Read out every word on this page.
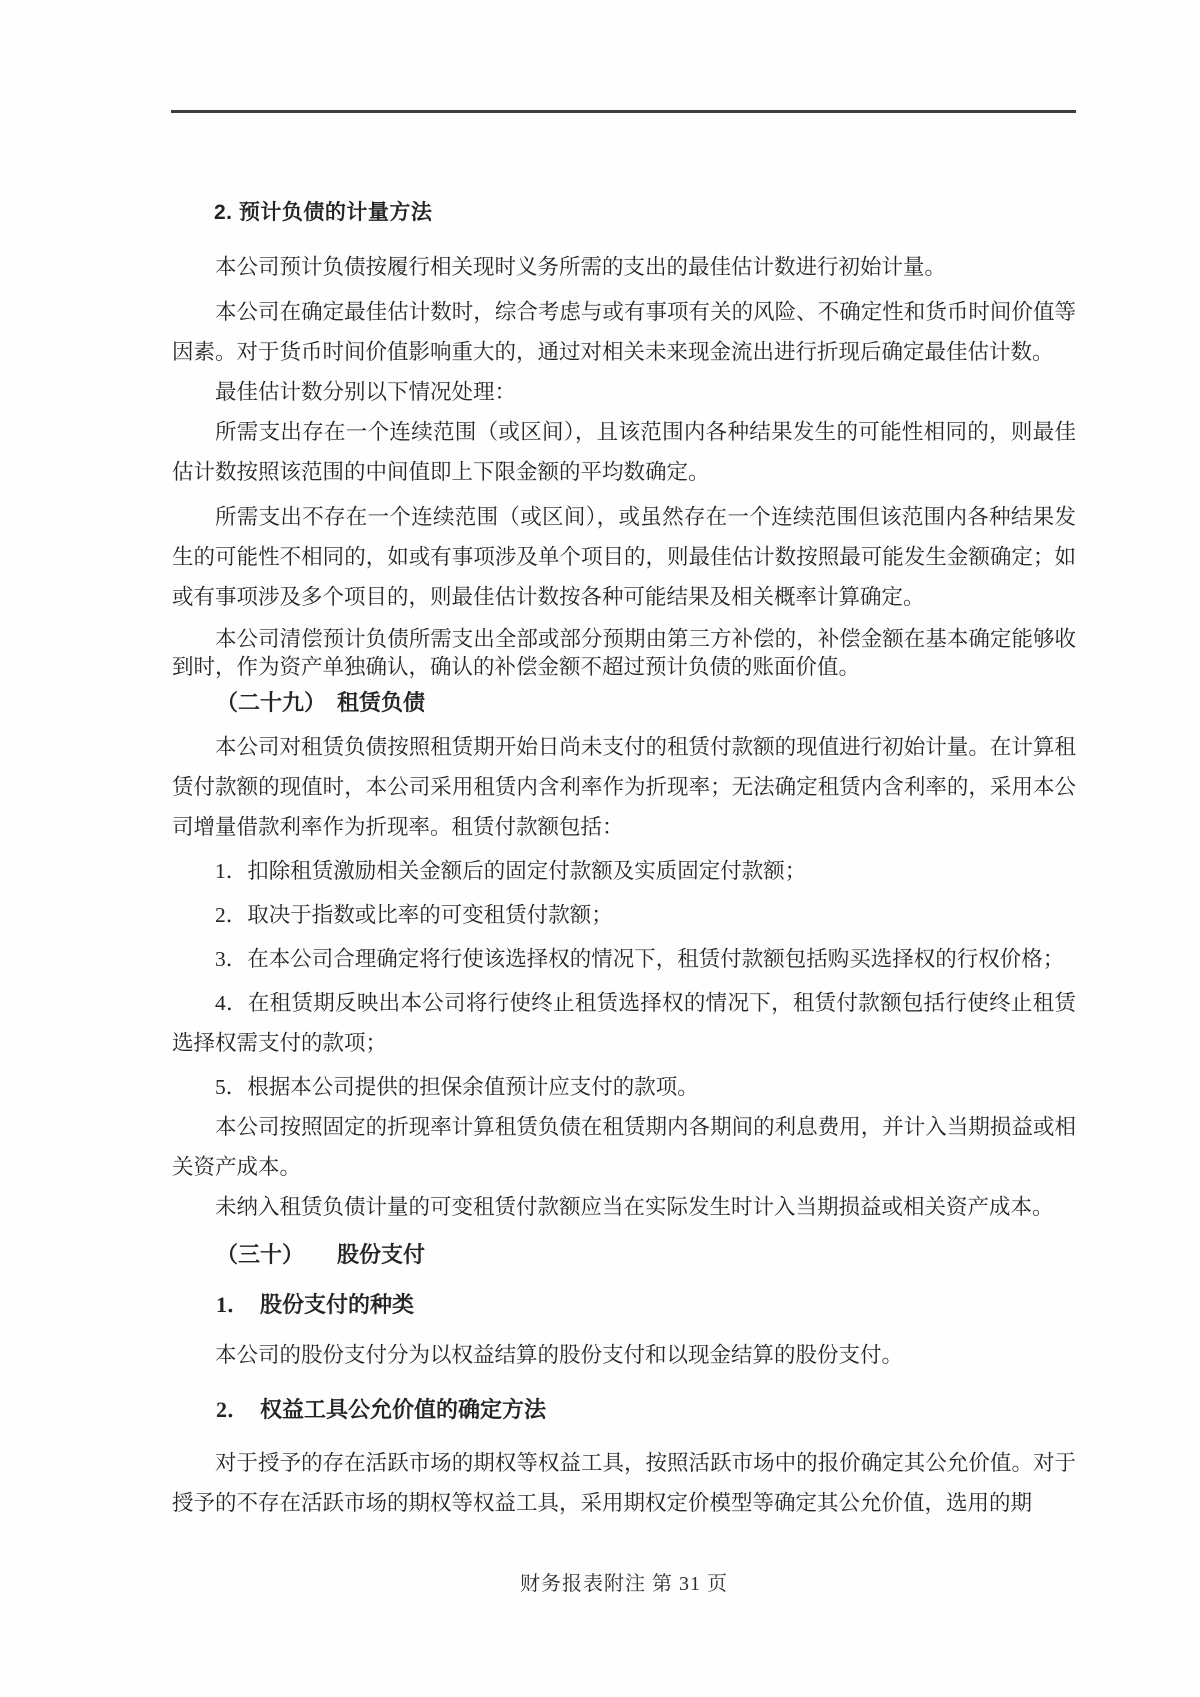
2. 预计负债的计量方法

本公司预计负债按履行相关现时义务所需的支出的最佳估计数进行初始计量。

本公司在确定最佳估计数时，综合考虑与或有事项有关的风险、不确定性和货币时间价值等因素。对于货币时间价值影响重大的，通过对相关未来现金流出进行折现后确定最佳估计数。

最佳估计数分别以下情况处理：

所需支出存在一个连续范围（或区间），且该范围内各种结果发生的可能性相同的，则最佳估计数按照该范围的中间值即上下限金额的平均数确定。

所需支出不存在一个连续范围（或区间），或虽然存在一个连续范围但该范围内各种结果发生的可能性不相同的，如或有事项涉及单个项目的，则最佳估计数按照最可能发生金额确定；如或有事项涉及多个项目的，则最佳估计数按各种可能结果及相关概率计算确定。

本公司清偿预计负债所需支出全部或部分预期由第三方补偿的，补偿金额在基本确定能够收到时，作为资产单独确认，确认的补偿金额不超过预计负债的账面价值。

（二十九）　租赁负债

本公司对租赁负债按照租赁期开始日尚未支付的租赁付款额的现值进行初始计量。在计算租赁付款额的现值时，本公司采用租赁内含利率作为折现率；无法确定租赁内含利率的，采用本公司增量借款利率作为折现率。租赁付款额包括：

1．扣除租赁激励相关金额后的固定付款额及实质固定付款额；

2．取决于指数或比率的可变租赁付款额；

3．在本公司合理确定将行使该选择权的情况下，租赁付款额包括购买选择权的行权价格；

4．在租赁期反映出本公司将行使终止租赁选择权的情况下，租赁付款额包括行使终止租赁选择权需支付的款项；

5．根据本公司提供的担保余值预计应支付的款项。

本公司按照固定的折现率计算租赁负债在租赁期内各期间的利息费用，并计入当期损益或相关资产成本。

未纳入租赁负债计量的可变租赁付款额应当在实际发生时计入当期损益或相关资产成本。

（三十）　　股份支付
1．　股份支付的种类

本公司的股份支付分为以权益结算的股份支付和以现金结算的股份支付。

2．　权益工具公允价值的确定方法

对于授予的存在活跃市场的期权等权益工具，按照活跃市场中的报价确定其公允价值。对于授予的不存在活跃市场的期权等权益工具，采用期权定价模型等确定其公允价值，选用的期

财务报表附注 第 31 页
